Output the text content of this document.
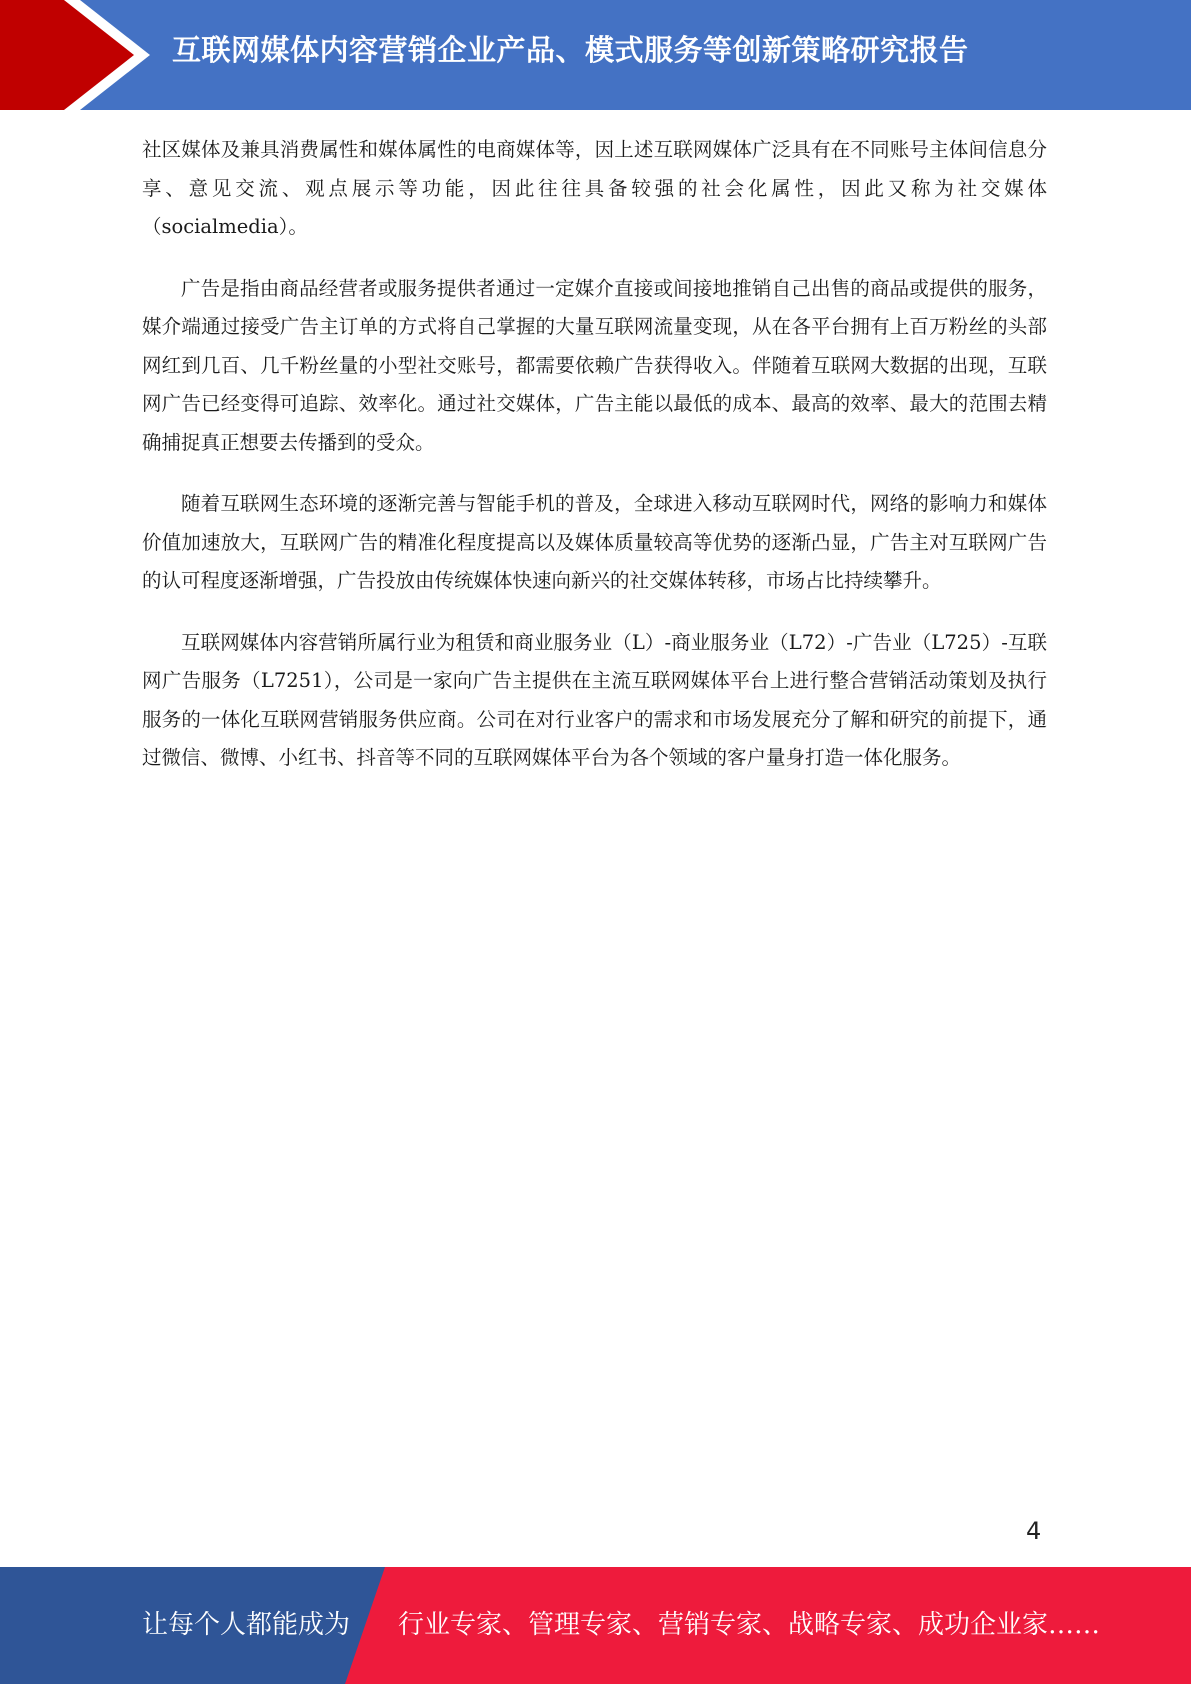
互联网媒体内容营销企业产品、模式服务等创新策略研究报告

社区媒体及兼具消费属性和媒体属性的电商媒体等，因上述互联网媒体广泛具有在不同账号主体间信息分享、意见交流、观点展示等功能，因此往往具备较强的社会化属性，因此又称为社交媒体（socialmedia）。

广告是指由商品经营者或服务提供者通过一定媒介直接或间接地推销自己出售的商品或提供的服务，媒介端通过接受广告主订单的方式将自己掌握的大量互联网流量变现，从在各平台拥有上百万粉丝的头部网红到几百、几千粉丝量的小型社交账号，都需要依赖广告获得收入。伴随着互联网大数据的出现，互联网广告已经变得可追踪、效率化。通过社交媒体，广告主能以最低的成本、最高的效率、最大的范围去精确捕捉真正想要去传播到的受众。

随着互联网生态环境的逐渐完善与智能手机的普及，全球进入移动互联网时代，网络的影响力和媒体价值加速放大，互联网广告的精准化程度提高以及媒体质量较高等优势的逐渐凸显，广告主对互联网广告的认可程度逐渐增强，广告投放由传统媒体快速向新兴的社交媒体转移，市场占比持续攀升。

互联网媒体内容营销所属行业为租赁和商业服务业（L）-商业服务业（L72）-广告业（L725）-互联网广告服务（L7251），公司是一家向广告主提供在主流互联网媒体平台上进行整合营销活动策划及执行服务的一体化互联网营销服务供应商。公司在对行业客户的需求和市场发展充分了解和研究的前提下，通过微信、微博、小红书、抖音等不同的互联网媒体平台为各个领域的客户量身打造一体化服务。

4
让每个人都能成为 行业专家、管理专家、营销专家、战略专家、成功企业家……
